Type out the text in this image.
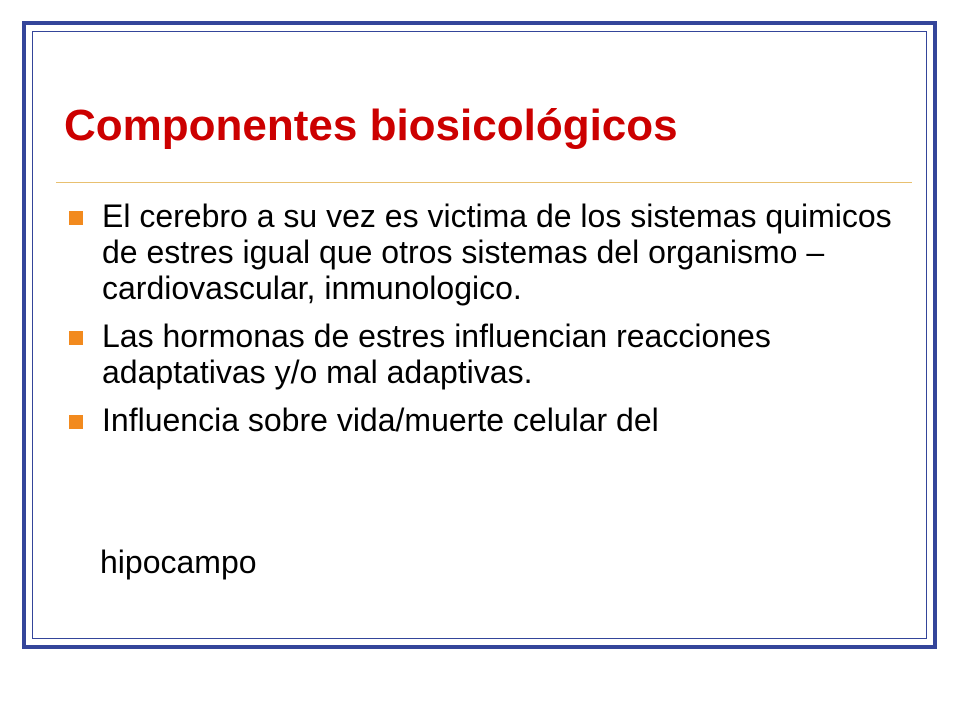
Componentes biosicológicos
El cerebro a su vez es victima de los sistemas quimicos de estres igual que otros sistemas del organismo – cardiovascular, inmunologico.
Las hormonas de estres influencian reacciones adaptativas y/o mal adaptivas.
Influencia sobre vida/muerte celular del

hipocampo
